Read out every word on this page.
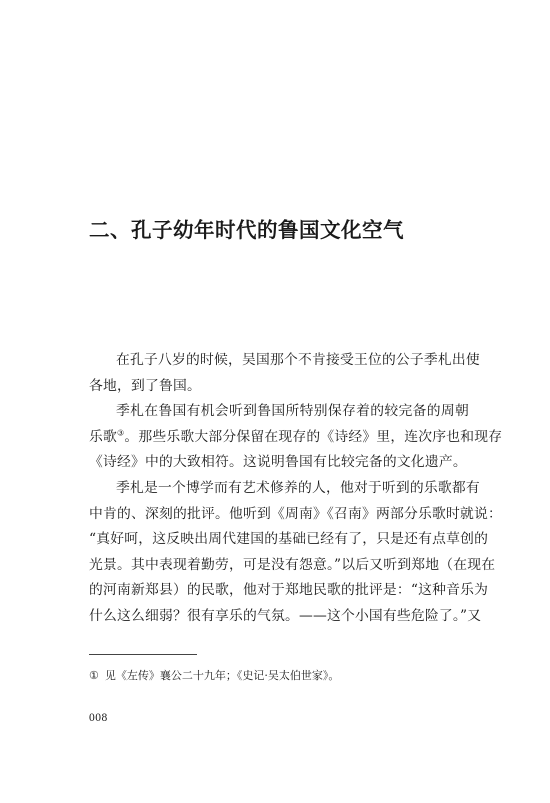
二、孔子幼年时代的鲁国文化空气
在孔子八岁的时候，吴国那个不肯接受王位的公子季札出使
各地，到了鲁国。
季札在鲁国有机会听到鲁国所特别保存着的较完备的周朝
乐歌③。那些乐歌大部分保留在现存的《诗经》里，连次序也和现存
《诗经》中的大致相符。这说明鲁国有比较完备的文化遗产。
季札是一个博学而有艺术修养的人，他对于听到的乐歌都有
中肯的、深刻的批评。他听到《周南》《召南》两部分乐歌时就说：
“真好呵，这反映出周代建国的基础已经有了，只是还有点草创的
光景。其中表现着勤劳，可是没有怨意。”以后又听到郑地（在现在
的河南新郑县）的民歌，他对于郑地民歌的批评是：“这种音乐为
什么这么细弱？很有享乐的气氛。——这个小国有些危险了。”又
① 见《左传》襄公二十九年；《史记·吴太伯世家》。
008
